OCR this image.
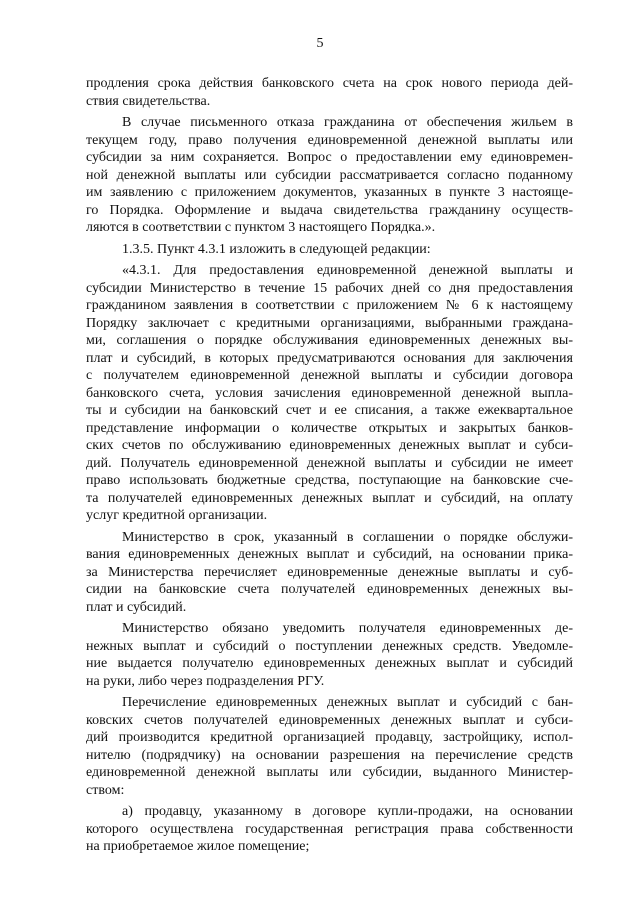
5
продления срока действия банковского счета на срок нового периода дей-
ствия свидетельства.
В случае письменного отказа гражданина от обеспечения жильем в
текущем году, право получения единовременной денежной выплаты или
субсидии за ним сохраняется. Вопрос о предоставлении ему единовремен-
ной денежной выплаты или субсидии рассматривается согласно поданному
им заявлению с приложением документов, указанных в пункте 3 настояще-
го Порядка. Оформление и выдача свидетельства гражданину осуществ-
ляются в соответствии с пунктом 3 настоящего Порядка.».
1.3.5. Пункт 4.3.1 изложить в следующей редакции:
«4.3.1. Для предоставления единовременной денежной выплаты и
субсидии Министерство в течение 15 рабочих дней со дня предоставления
гражданином заявления в соответствии с приложением № 6 к настоящему
Порядку заключает с кредитными организациями, выбранными граждана-
ми, соглашения о порядке обслуживания единовременных денежных вы-
плат и субсидий, в которых предусматриваются основания для заключения
с получателем единовременной денежной выплаты и субсидии договора
банковского счета, условия зачисления единовременной денежной выпла-
ты и субсидии на банковский счет и ее списания, а также ежеквартальное
представление информации о количестве открытых и закрытых банков-
ских счетов по обслуживанию единовременных денежных выплат и субси-
дий. Получатель единовременной денежной выплаты и субсидии не имеет
право использовать бюджетные средства, поступающие на банковские сче-
та получателей единовременных денежных выплат и субсидий, на оплату
услуг кредитной организации.
Министерство в срок, указанный в соглашении о порядке обслужи-
вания единовременных денежных выплат и субсидий, на основании прика-
за Министерства перечисляет единовременные денежные выплаты и суб-
сидии на банковские счета получателей единовременных денежных вы-
плат и субсидий.
Министерство обязано уведомить получателя единовременных де-
нежных выплат и субсидий о поступлении денежных средств. Уведомле-
ние выдается получателю единовременных денежных выплат и субсидий
на руки, либо через подразделения РГУ.
Перечисление единовременных денежных выплат и субсидий с бан-
ковских счетов получателей единовременных денежных выплат и субси-
дий производится кредитной организацией продавцу, застройщику, испол-
нителю (подрядчику) на основании разрешения на перечисление средств
единовременной денежной выплаты или субсидии, выданного Министер-
ством:
а) продавцу, указанному в договоре купли-продажи, на основании
которого осуществлена государственная регистрация права собственности
на приобретаемое жилое помещение;
